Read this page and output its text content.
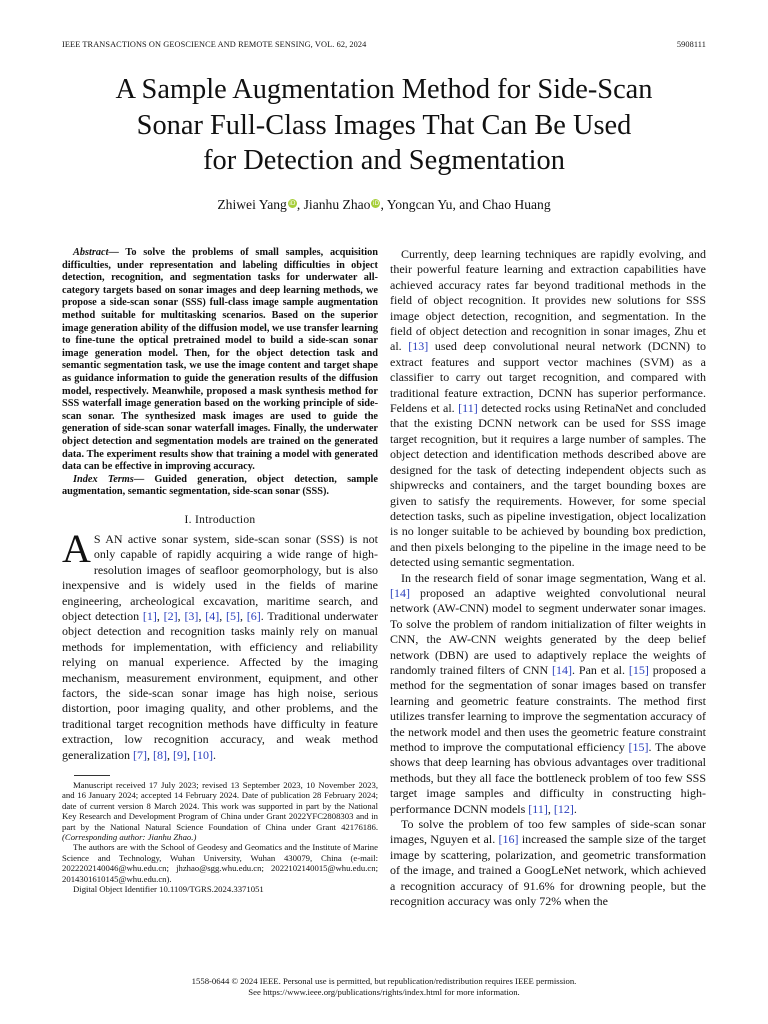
IEEE TRANSACTIONS ON GEOSCIENCE AND REMOTE SENSING, VOL. 62, 2024	5908111
A Sample Augmentation Method for Side-Scan
Sonar Full-Class Images That Can Be Used
for Detection and Segmentation
Zhiwei Yang iD, Jianhu Zhao iD, Yongcan Yu, and Chao Huang

Abstract— To solve the problems of small samples, acquisition difficulties, under representation and labeling difficulties in object detection, recognition, and segmentation tasks for underwater all-category targets based on sonar images and deep learning methods, we propose a side-scan sonar (SSS) full-class image sample augmentation method suitable for multitasking scenarios. Based on the superior image generation ability of the diffusion model, we use transfer learning to fine-tune the optical pretrained model to build a side-scan sonar image generation model. Then, for the object detection task and semantic segmentation task, we use the image content and target shape as guidance information to guide the generation results of the diffusion model, respectively. Meanwhile, proposed a mask synthesis method for SSS waterfall image generation based on the working principle of side-scan sonar. The synthesized mask images are used to guide the generation of side-scan sonar waterfall images. Finally, the underwater object detection and segmentation models are trained on the generated data. The experiment results show that training a model with generated data can be effective in improving accuracy.

Index Terms— Guided generation, object detection, sample augmentation, semantic segmentation, side-scan sonar (SSS).

I. Introduction

A S AN active sonar system, side-scan sonar (SSS) is not only capable of rapidly acquiring a wide range of high-resolution images of seafloor geomorphology, but is also inexpensive and is widely used in the fields of marine engineering, archeological excavation, maritime search, and object detection [1], [2], [3], [4], [5], [6]. Traditional underwater object detection and recognition tasks mainly rely on manual methods for implementation, with efficiency and reliability relying on manual experience. Affected by the imaging mechanism, measurement environment, equipment, and other factors, the side-scan sonar image has high noise, serious distortion, poor imaging quality, and other problems, and the traditional target recognition methods have difficulty in feature extraction, low recognition accuracy, and weak method generalization [7], [8], [9], [10].

Manuscript received 17 July 2023; revised 13 September 2023, 10 November 2023, and 16 January 2024; accepted 14 February 2024. Date of publication 28 February 2024; date of current version 8 March 2024. This work was supported in part by the National Key Research and Development Program of China under Grant 2022YFC2808303 and in part by the National Natural Science Foundation of China under Grant 42176186. (Corresponding author: Jianhu Zhao.)

The authors are with the School of Geodesy and Geomatics and the Institute of Marine Science and Technology, Wuhan University, Wuhan 430079, China (e-mail: 2022202140046@whu.edu.cn; jhzhao@sgg.whu.edu.cn; 2022102140015@whu.edu.cn; 2014301610145@whu.edu.cn).

Digital Object Identifier 10.1109/TGRS.2024.3371051

Currently, deep learning techniques are rapidly evolving, and their powerful feature learning and extraction capabilities have achieved accuracy rates far beyond traditional methods in the field of object recognition. It provides new solutions for SSS image object detection, recognition, and segmentation. In the field of object detection and recognition in sonar images, Zhu et al. [13] used deep convolutional neural network (DCNN) to extract features and support vector machines (SVM) as a classifier to carry out target recognition, and compared with traditional feature extraction, DCNN has superior performance. Feldens et al. [11] detected rocks using RetinaNet and concluded that the existing DCNN network can be used for SSS image target recognition, but it requires a large number of samples. The object detection and identification methods described above are designed for the task of detecting independent objects such as shipwrecks and containers, and the target bounding boxes are given to satisfy the requirements. However, for some special detection tasks, such as pipeline investigation, object localization is no longer suitable to be achieved by bounding box prediction, and then pixels belonging to the pipeline in the image need to be detected using semantic segmentation.

In the research field of sonar image segmentation, Wang et al. [14] proposed an adaptive weighted convolutional neural network (AW-CNN) model to segment underwater sonar images. To solve the problem of random initialization of filter weights in CNN, the AW-CNN weights generated by the deep belief network (DBN) are used to adaptively replace the weights of randomly trained filters of CNN [14]. Pan et al. [15] proposed a method for the segmentation of sonar images based on transfer learning and geometric feature constraints. The method first utilizes transfer learning to improve the segmentation accuracy of the network model and then uses the geometric feature constraint method to improve the computational efficiency [15]. The above shows that deep learning has obvious advantages over traditional methods, but they all face the bottleneck problem of too few SSS target image samples and difficulty in constructing high-performance DCNN models [11], [12].

To solve the problem of too few samples of side-scan sonar images, Nguyen et al. [16] increased the sample size of the target image by scattering, polarization, and geometric transformation of the image, and trained a GoogLeNet network, which achieved a recognition accuracy of 91.6% for drowning people, but the recognition accuracy was only 72% when the

1558-0644 © 2024 IEEE. Personal use is permitted, but republication/redistribution requires IEEE permission.
See https://www.ieee.org/publications/rights/index.html for more information.
